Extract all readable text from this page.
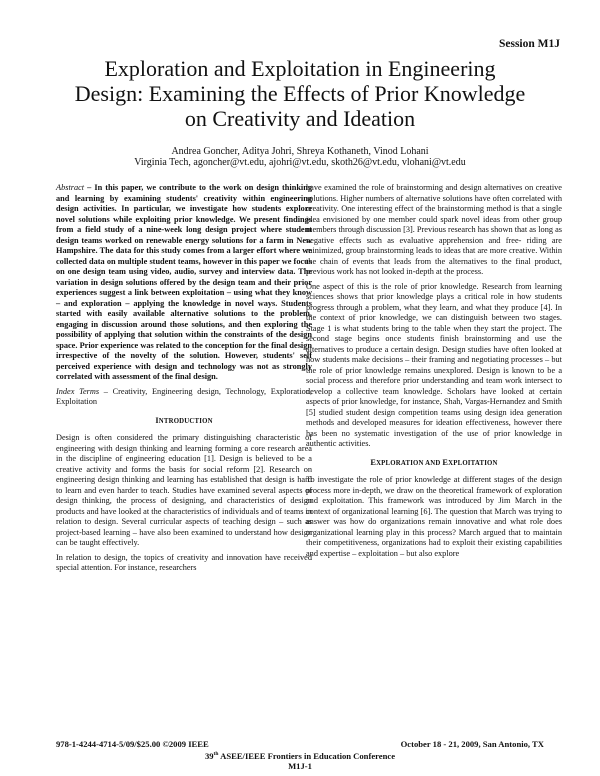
Session M1J
Exploration and Exploitation in Engineering
Design: Examining the Effects of Prior Knowledge
on Creativity and Ideation
Andrea Goncher, Aditya Johri, Shreya Kothaneth, Vinod Lohani
Virginia Tech, agoncher@vt.edu, ajohri@vt.edu, skoth26@vt.edu, vlohani@vt.edu

Abstract – In this paper, we contribute to the work on design thinking and learning by examining students' creativity within engineering design activities. In particular, we investigate how students explore novel solutions while exploiting prior knowledge. We present findings from a field study of a nine-week long design project where student design teams worked on renewable energy solutions for a farm in New Hampshire. The data for this study comes from a larger effort where we collected data on multiple student teams, however in this paper we focus on one design team using video, audio, survey and interview data. The variation in design solutions offered by the design team and their prior experiences suggest a link between exploitation – using what they know – and exploration – applying the knowledge in novel ways. Students started with easily available alternative solutions to the problem, engaging in discussion around those solutions, and then exploring the possibility of applying that solution within the constraints of the design space. Prior experience was related to the conception for the final design irrespective of the novelty of the solution. However, students' self perceived experience with design and technology was not as strongly correlated with assessment of the final design.

Index Terms – Creativity, Engineering design, Technology, Exploration, Exploitation

INTRODUCTION

Design is often considered the primary distinguishing characteristic of engineering with design thinking and learning forming a core research area in the discipline of engineering education [1]. Design is believed to be a creative activity and forms the basis for social reform [2]. Research on engineering design thinking and learning has established that design is hard to learn and even harder to teach. Studies have examined several aspects of design thinking, the process of designing, and characteristics of design products and have looked at the characteristics of individuals and of teams in relation to design. Several curricular aspects of teaching design – such as project-based learning – have also been examined to understand how design can be taught effectively.

In relation to design, the topics of creativity and innovation have received special attention. For instance, researchers

have examined the role of brainstorming and design alternatives on creative solutions. Higher numbers of alternative solutions have often correlated with creativity. One interesting effect of the brainstorming method is that a single idea envisioned by one member could spark novel ideas from other group members through discussion [3]. Previous research has shown that as long as negative effects such as evaluative apprehension and free- riding are minimized, group brainstorming leads to ideas that are more creative. Within the chain of events that leads from the alternatives to the final product, previous work has not looked in-depth at the process.

One aspect of this is the role of prior knowledge. Research from learning sciences shows that prior knowledge plays a critical role in how students progress through a problem, what they learn, and what they produce [4]. In the context of prior knowledge, we can distinguish between two stages. Stage 1 is what students bring to the table when they start the project. The second stage begins once students finish brainstorming and use the alternatives to produce a certain design. Design studies have often looked at how students make decisions – their framing and negotiating processes – but the role of prior knowledge remains unexplored. Design is known to be a social process and therefore prior understanding and team work intersect to develop a collective team knowledge. Scholars have looked at certain aspects of prior knowledge, for instance, Shah, Vargas-Hernandez and Smith [5] studied student design competition teams using design idea generation methods and developed measures for ideation effectiveness, however there has been no systematic investigation of the use of prior knowledge in authentic activities.

EXPLORATION AND EXPLOITATION

To investigate the role of prior knowledge at different stages of the design process more in-depth, we draw on the theoretical framework of exploration and exploitation. This framework was introduced by Jim March in the context of organizational learning [6]. The question that March was trying to answer was how do organizations remain innovative and what role does organizational learning play in this process? March argued that to maintain their competitiveness, organizations had to exploit their existing capabilities and expertise – exploitation – but also explore

978-1-4244-4714-5/09/$25.00 ©2009 IEEE	October 18 - 21, 2009, San Antonio, TX
39th ASEE/IEEE Frontiers in Education Conference
M1J-1
